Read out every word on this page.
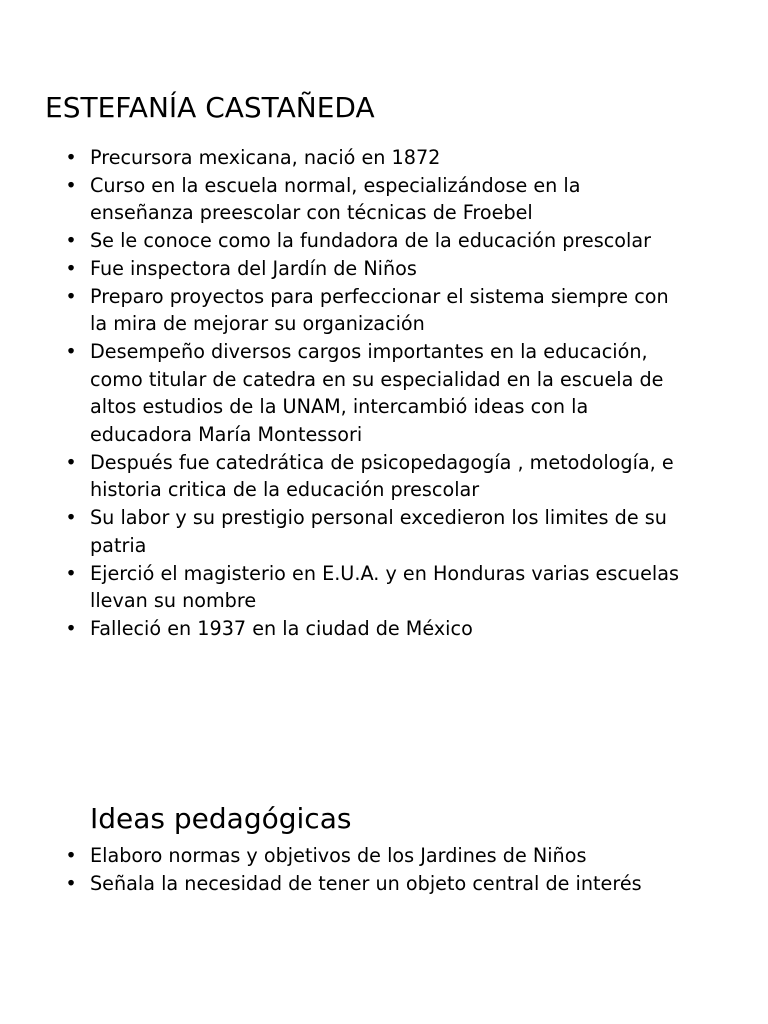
ESTEFANÍA CASTAÑEDA
• Precursora mexicana, nació en 1872
• Curso en la escuela normal, especializándose en la enseñanza preescolar con técnicas de Froebel
• Se le conoce como la fundadora de la educación prescolar
• Fue inspectora del Jardín de Niños
• Preparo proyectos para perfeccionar el sistema siempre con la mira de mejorar su organización
• Desempeño diversos cargos importantes en la educación, como titular de catedra en su especialidad en la escuela de altos estudios de la UNAM, intercambió ideas con la educadora María Montessori
• Después fue catedrática de psicopedagogía , metodología, e historia critica de la educación prescolar
• Su labor y su prestigio personal excedieron los limites de su patria
• Ejerció el magisterio en E.U.A. y en Honduras varias escuelas llevan su nombre
• Falleció en 1937 en la ciudad de México
Ideas pedagógicas
• Elaboro normas y objetivos de los Jardines de Niños
• Señala la necesidad de tener un objeto central de interés
